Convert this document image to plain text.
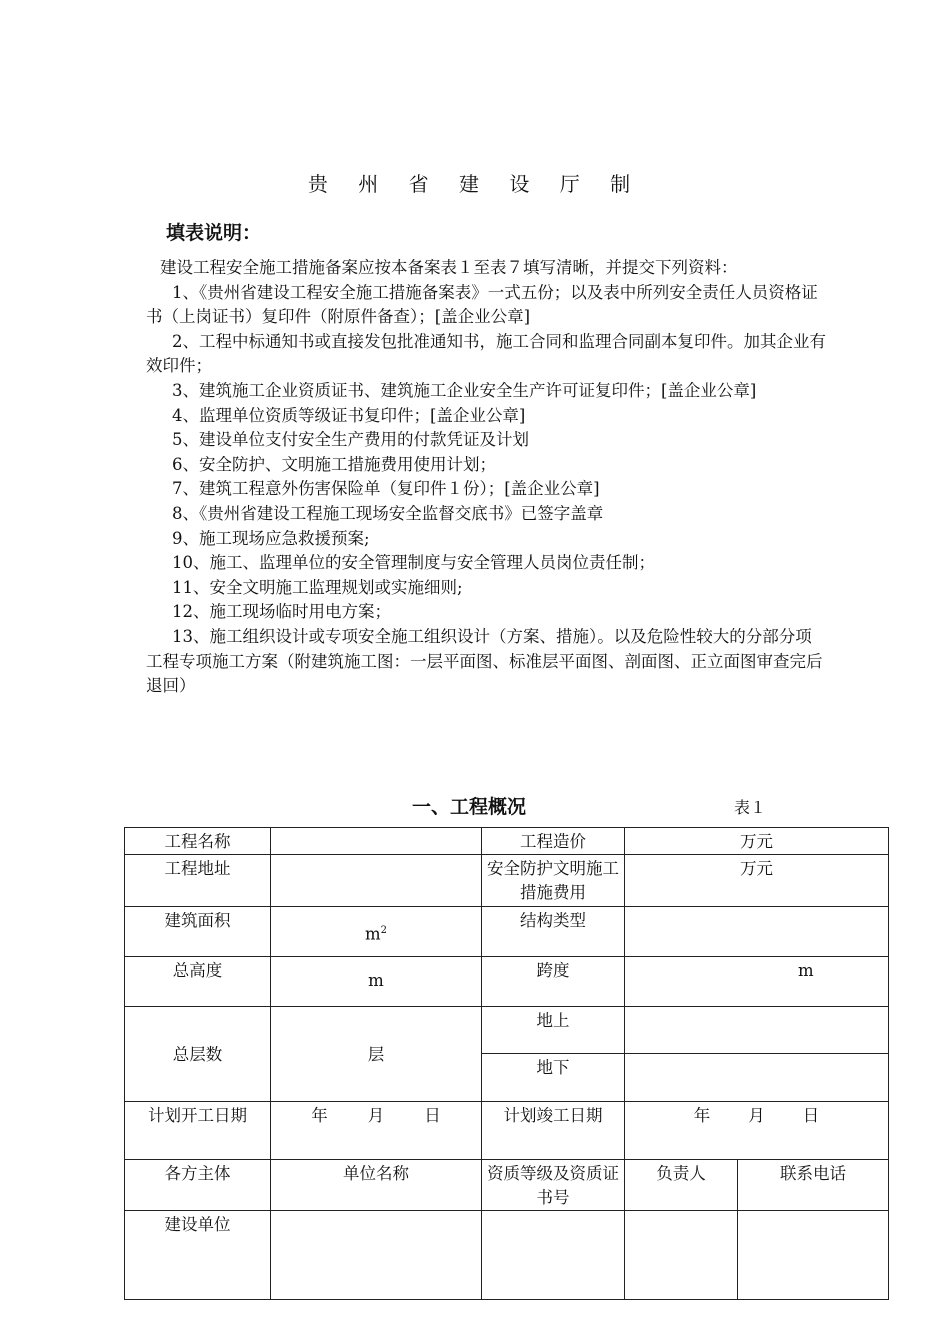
贵 州 省 建 设 厅 制
填表说明：

建设工程安全施工措施备案应按本备案表１至表７填写清晰，并提交下列资料：

1、《贵州省建设工程安全施工措施备案表》一式五份；以及表中所列安全责任人员资格证书（上岗证书）复印件（附原件备查）；[盖企业公章]

2、工程中标通知书或直接发包批准通知书，施工合同和监理合同副本复印件。加其企业有效印件；

3、建筑施工企业资质证书、建筑施工企业安全生产许可证复印件；[盖企业公章]

4、监理单位资质等级证书复印件；[盖企业公章]

5、建设单位支付安全生产费用的付款凭证及计划

6、安全防护、文明施工措施费用使用计划；

7、建筑工程意外伤害保险单（复印件１份）；[盖企业公章]

8、《贵州省建设工程施工现场安全监督交底书》已签字盖章

9、施工现场应急救援预案;

10、施工、监理单位的安全管理制度与安全管理人员岗位责任制；

11、安全文明施工监理规划或实施细则;

12、施工现场临时用电方案；

13、施工组织设计或专项安全施工组织设计（方案、措施）。以及危险性较大的分部分项工程专项施工方案（附建筑施工图：一层平面图、标准层平面图、剖面图、正立面图审查完后退回）

一、工程概况	表１
工程名称		工程造价	万元	
工程地址		安全防护文明施工措施费用	万元	
建筑面积	$m^2$	结构类型		
总高度	m	跨度	m	
总层数	层	地上		
		地下		
计划开工日期	年 月 日	计划竣工日期	年 月 日	
各方主体	单位名称	资质等级及资质证书号	负责人	联系电话
建设单位				
